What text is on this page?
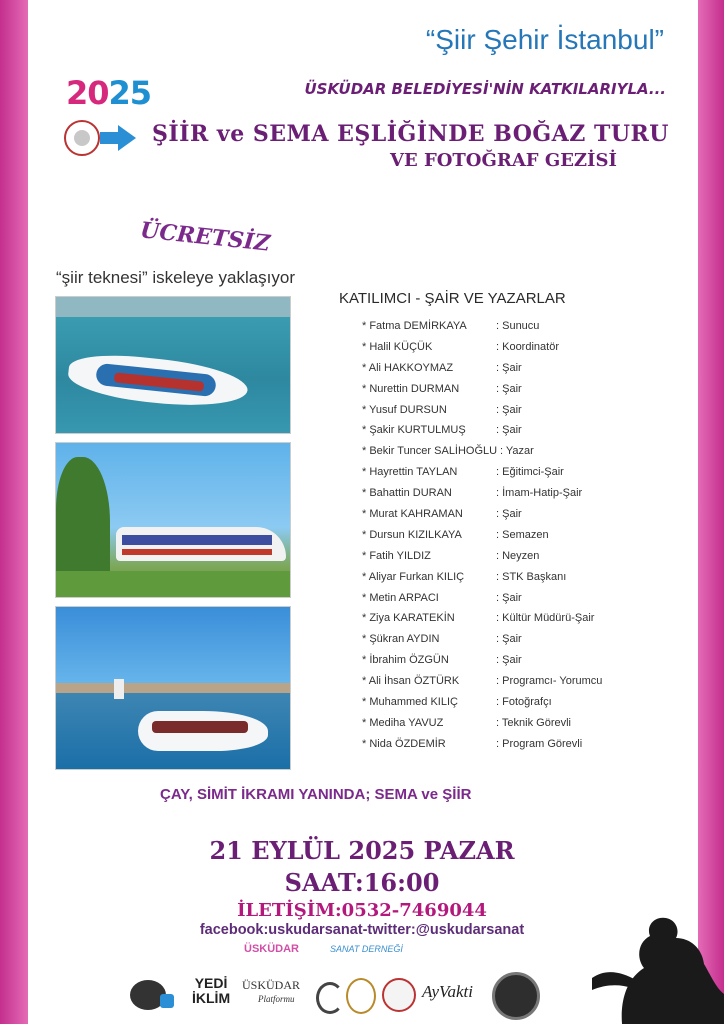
“Şiir Şehir İstanbul”
2025	ÜSKÜDAR BELEDİYESİ'NİN KATKILARIYLA...
ŞİİR ve SEMA EŞLİĞİNDE BOĞAZ TURU
VE FOTOĞRAF GEZİSİ
ÜCRETSİZ
“şiir teknesi” iskeleye yaklaşıyor
KATILIMCI - ŞAİR VE YAZARLAR
* Fatma DEMİRKAYA	: Sunucu
* Halil KÜÇÜK	: Koordinatör
* Ali HAKKOYMAZ	: Şair
* Nurettin DURMAN	: Şair
* Yusuf DURSUN	: Şair
* Şakir KURTULMUŞ	: Şair
* Bekir Tuncer SALİHOĞLU : Yazar
* Hayrettin TAYLAN	: Eğitimci-Şair
* Bahattin DURAN	: İmam-Hatip-Şair
* Murat KAHRAMAN	: Şair
* Dursun KIZILKAYA	: Semazen
* Fatih YILDIZ	: Neyzen
* Aliyar Furkan KILIÇ	: STK Başkanı
* Metin ARPACI	: Şair
* Ziya KARATEKİN	: Kültür Müdürü-Şair
* Şükran AYDIN	: Şair
* İbrahim ÖZGÜN	: Şair
* Ali İhsan ÖZTÜRK	: Programcı- Yorumcu
* Muhammed KILIÇ	: Fotoğrafçı
* Mediha YAVUZ	: Teknik Görevli
* Nida ÖZDEMİR	: Program Görevli
ÇAY, SİMİT İKRAMI YANINDA; SEMA ve ŞİİR
21 EYLÜL 2025 PAZAR
SAAT:16:00
İLETİŞİM:0532-7469044
facebook:uskudarsanat-twitter:@uskudarsanat
ÜSKÜDAR	SANAT DERNEĞİ
YEDİ
İKLİM
ÜSKÜDAR
Platformu	AyVakti
